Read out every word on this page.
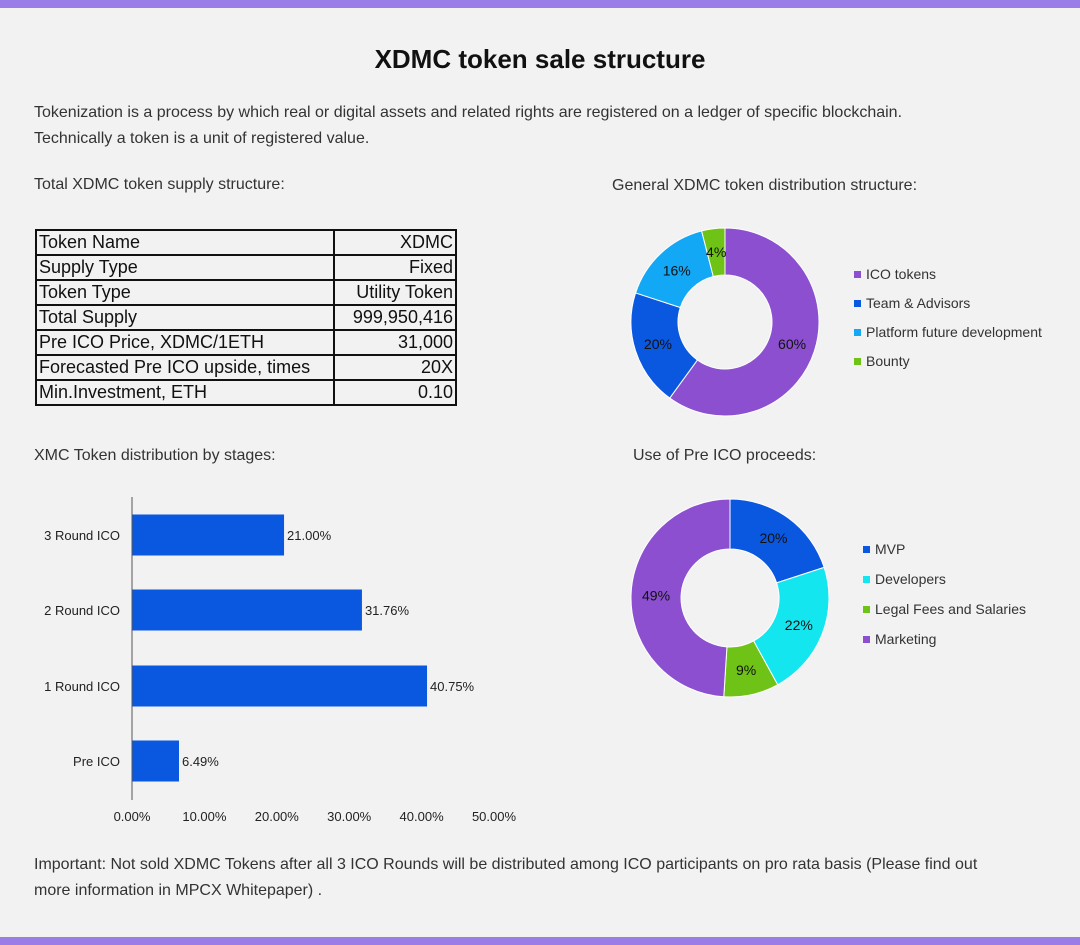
XDMC token sale structure
Tokenization is a process by which real or digital assets and related rights are registered on a ledger of specific blockchain.
Technically a token is a unit of registered value.
Total XDMC token supply structure:
Token Name	XDMC
Supply Type	Fixed
Token Type	Utility Token
Total Supply	999,950,416
Pre ICO Price, XDMC/1ETH	31,000
Forecasted Pre ICO upside, times	20X
Min.Investment, ETH	0.10
General XDMC token distribution structure:
XMC Token distribution by stages:	Use of Pre ICO proceeds:
60%
20%
16%
4%
20%
22%
9%
49%
3 Round ICO	21.00%
2 Round ICO	31.76%
1 Round ICO	40.75%
Pre ICO	6.49%
0.00% 10.00% 20.00% 30.00% 40.00% 50.00%
ICO tokens
Team & Advisors
Platform future development
Bounty
MVP
Developers
Legal Fees and Salaries
Marketing
Important: Not sold XDMC Tokens after all 3 ICO Rounds will be distributed among ICO participants on pro rata basis (Please find out
more information in MPCX Whitepaper) .
